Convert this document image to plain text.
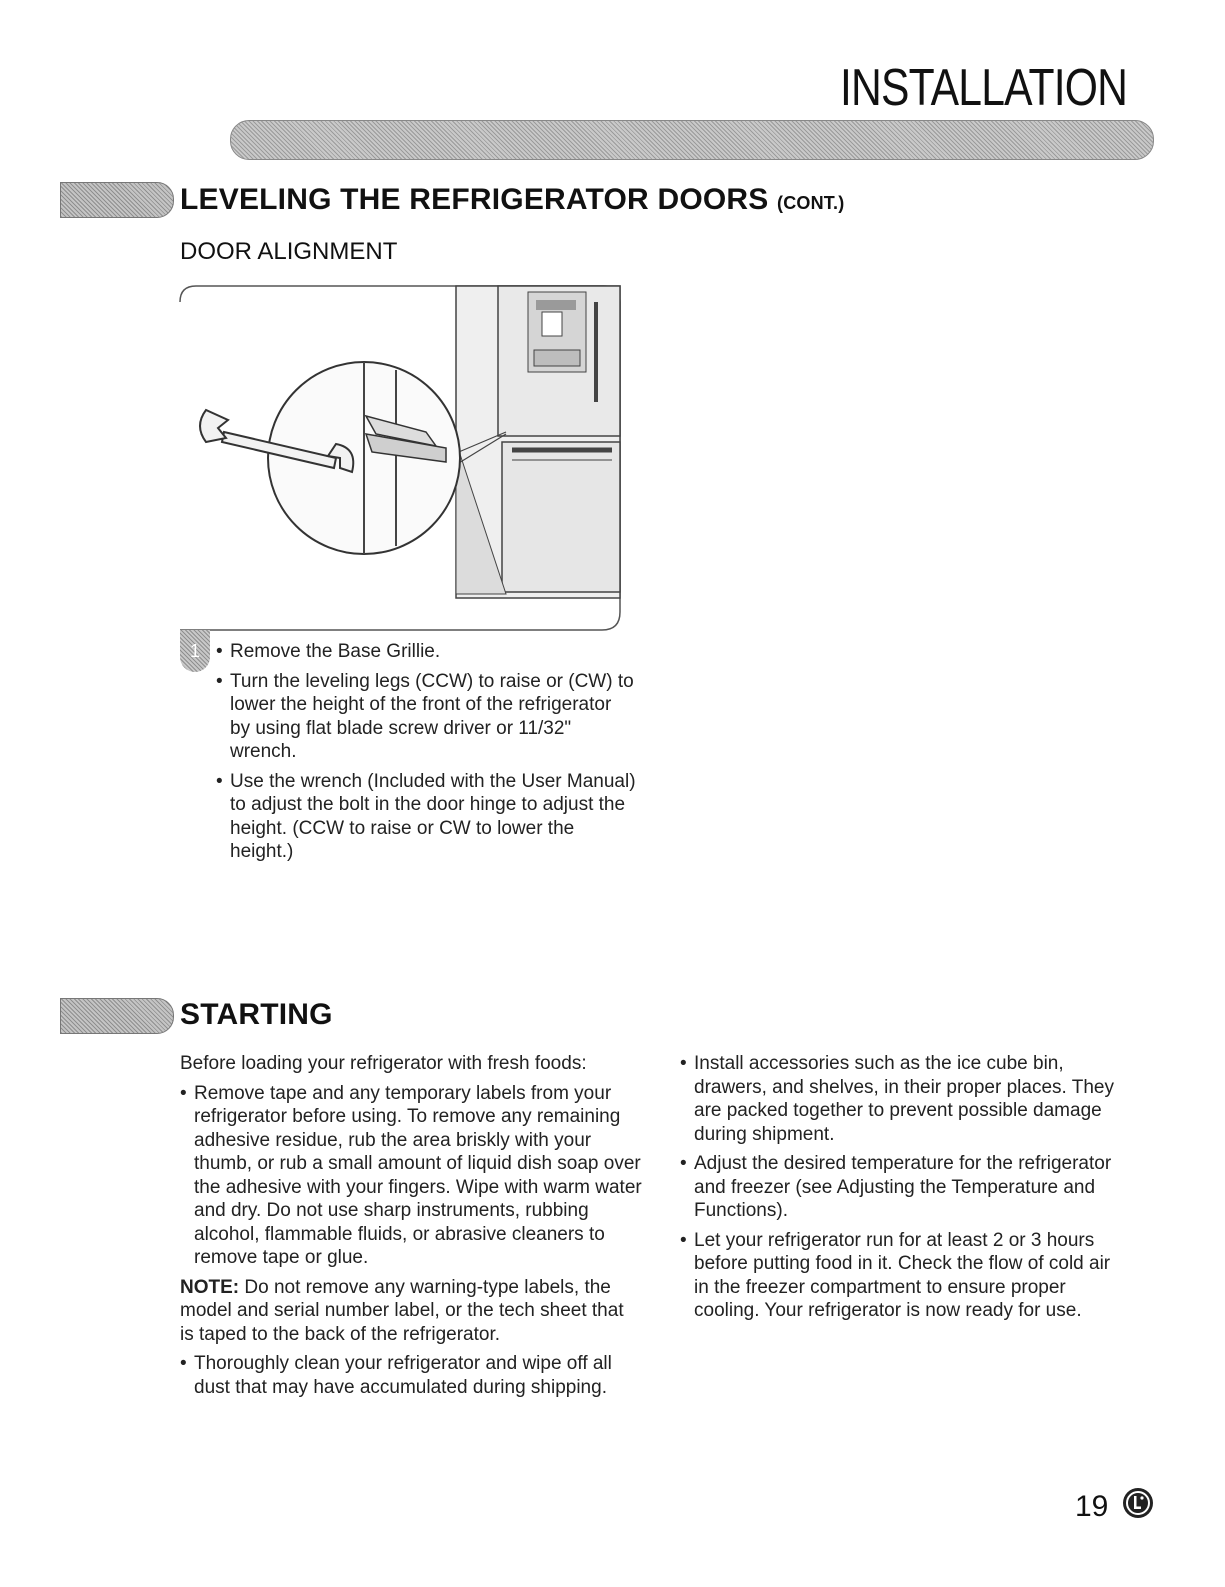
INSTALLATION
LEVELING THE REFRIGERATOR DOORS (CONT.)
DOOR ALIGNMENT
1

•	Remove the Base Grillie.

• Turn the leveling legs (CCW) to raise or (CW) to lower the height of the front of the refrigerator by using flat blade screw driver or 11/32" wrench.

• Use the wrench (Included with the User Manual) to adjust the bolt in the door hinge to adjust the height. (CCW to raise or CW to lower the height.)

STARTING

Before loading your refrigerator with fresh foods:

• Remove tape and any temporary labels from your refrigerator before using. To remove any remaining adhesive residue, rub the area briskly with your thumb, or rub a small amount of liquid dish soap over the adhesive with your fingers. Wipe with warm water and dry. Do not use sharp instruments, rubbing alcohol, flammable fluids, or abrasive cleaners to remove tape or glue.

NOTE: Do not remove any warning-type labels, the model and serial number label, or the tech sheet that is taped to the back of the refrigerator.

• Thoroughly clean your refrigerator and wipe off all dust that may have accumulated during shipping.

• Install accessories such as the ice cube bin, drawers, and shelves, in their proper places. They are packed together to prevent possible damage during shipment.

• Adjust the desired temperature for the refrigerator and freezer (see Adjusting the Temperature and Functions).

• Let your refrigerator run for at least 2 or 3 hours before putting food in it. Check the flow of cold air in the freezer compartment to ensure proper cooling. Your refrigerator is now ready for use.

19
